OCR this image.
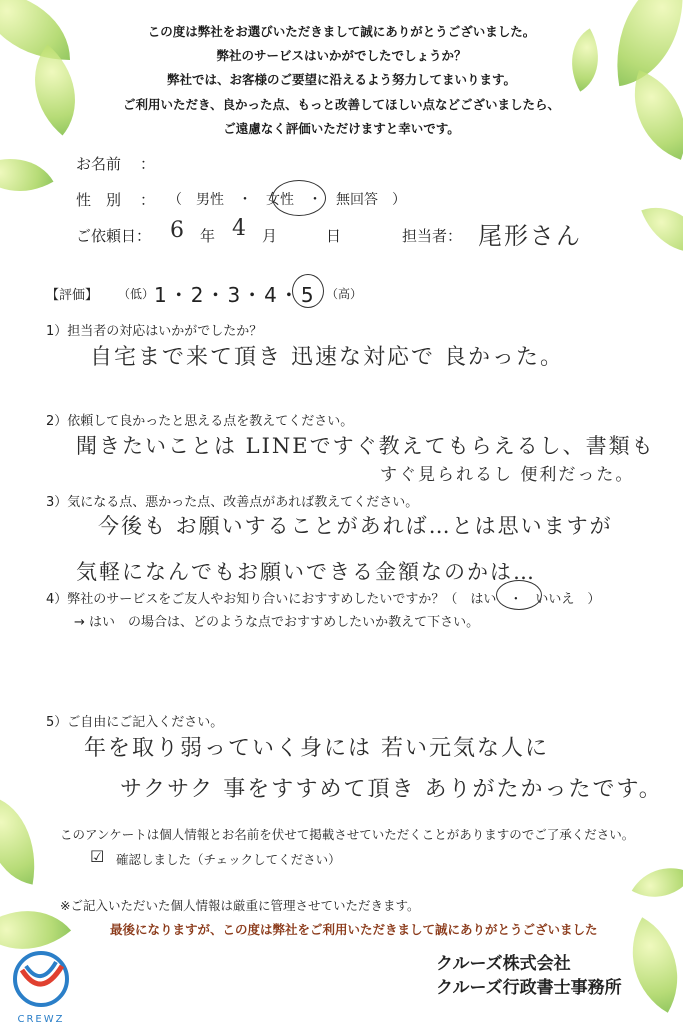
この度は弊社をお選びいただきまして誠にありがとうございました。
弊社のサービスはいかがでしたでしょうか？
弊社では、お客様のご要望に沿えるよう努力してまいります。
ご利用いただき、良かった点、もっと改善してほしい点などございましたら、
ご遠慮なく評価いただけますと幸いです。
お名前 ：
性　別 ： （　男性　・　女性　・　無回答　）
ご依頼日： 6 年 4 月	日	担当者： 尾形さん
【評価】 （低） 1・2・3・4・5 （高）
1）担当者の対応はいかがでしたか？
自宅まで来て頂き 迅速な対応で 良かった。
2）依頼して良かったと思える点を教えてください。
聞きたいことは LINEですぐ教えてもらえるし、書類も
すぐ見られるし 便利だった。
3）気になる点、悪かった点、改善点があれば教えてください。
今後も お願いすることがあれば…とは思いますが
気軽になんでもお願いできる金額なのかは…
4）弊社のサービスをご友人やお知り合いにおすすめしたいですか？（　はい　・　いいえ　）
→ はい　の場合は、どのような点でおすすめしたいか教えて下さい。
5）ご自由にご記入ください。
年を取り弱っていく身には 若い元気な人に
サクサク 事をすすめて頂き ありがたかったです。
このアンケートは個人情報とお名前を伏せて掲載させていただくことがありますのでご了承ください。
☑ 確認しました（チェックしてください）
※ご記入いただいた個人情報は厳重に管理させていただきます。
最後になりますが、この度は弊社をご利用いただきまして誠にありがとうございました
CREWZ
クルーズ株式会社
クルーズ行政書士事務所
